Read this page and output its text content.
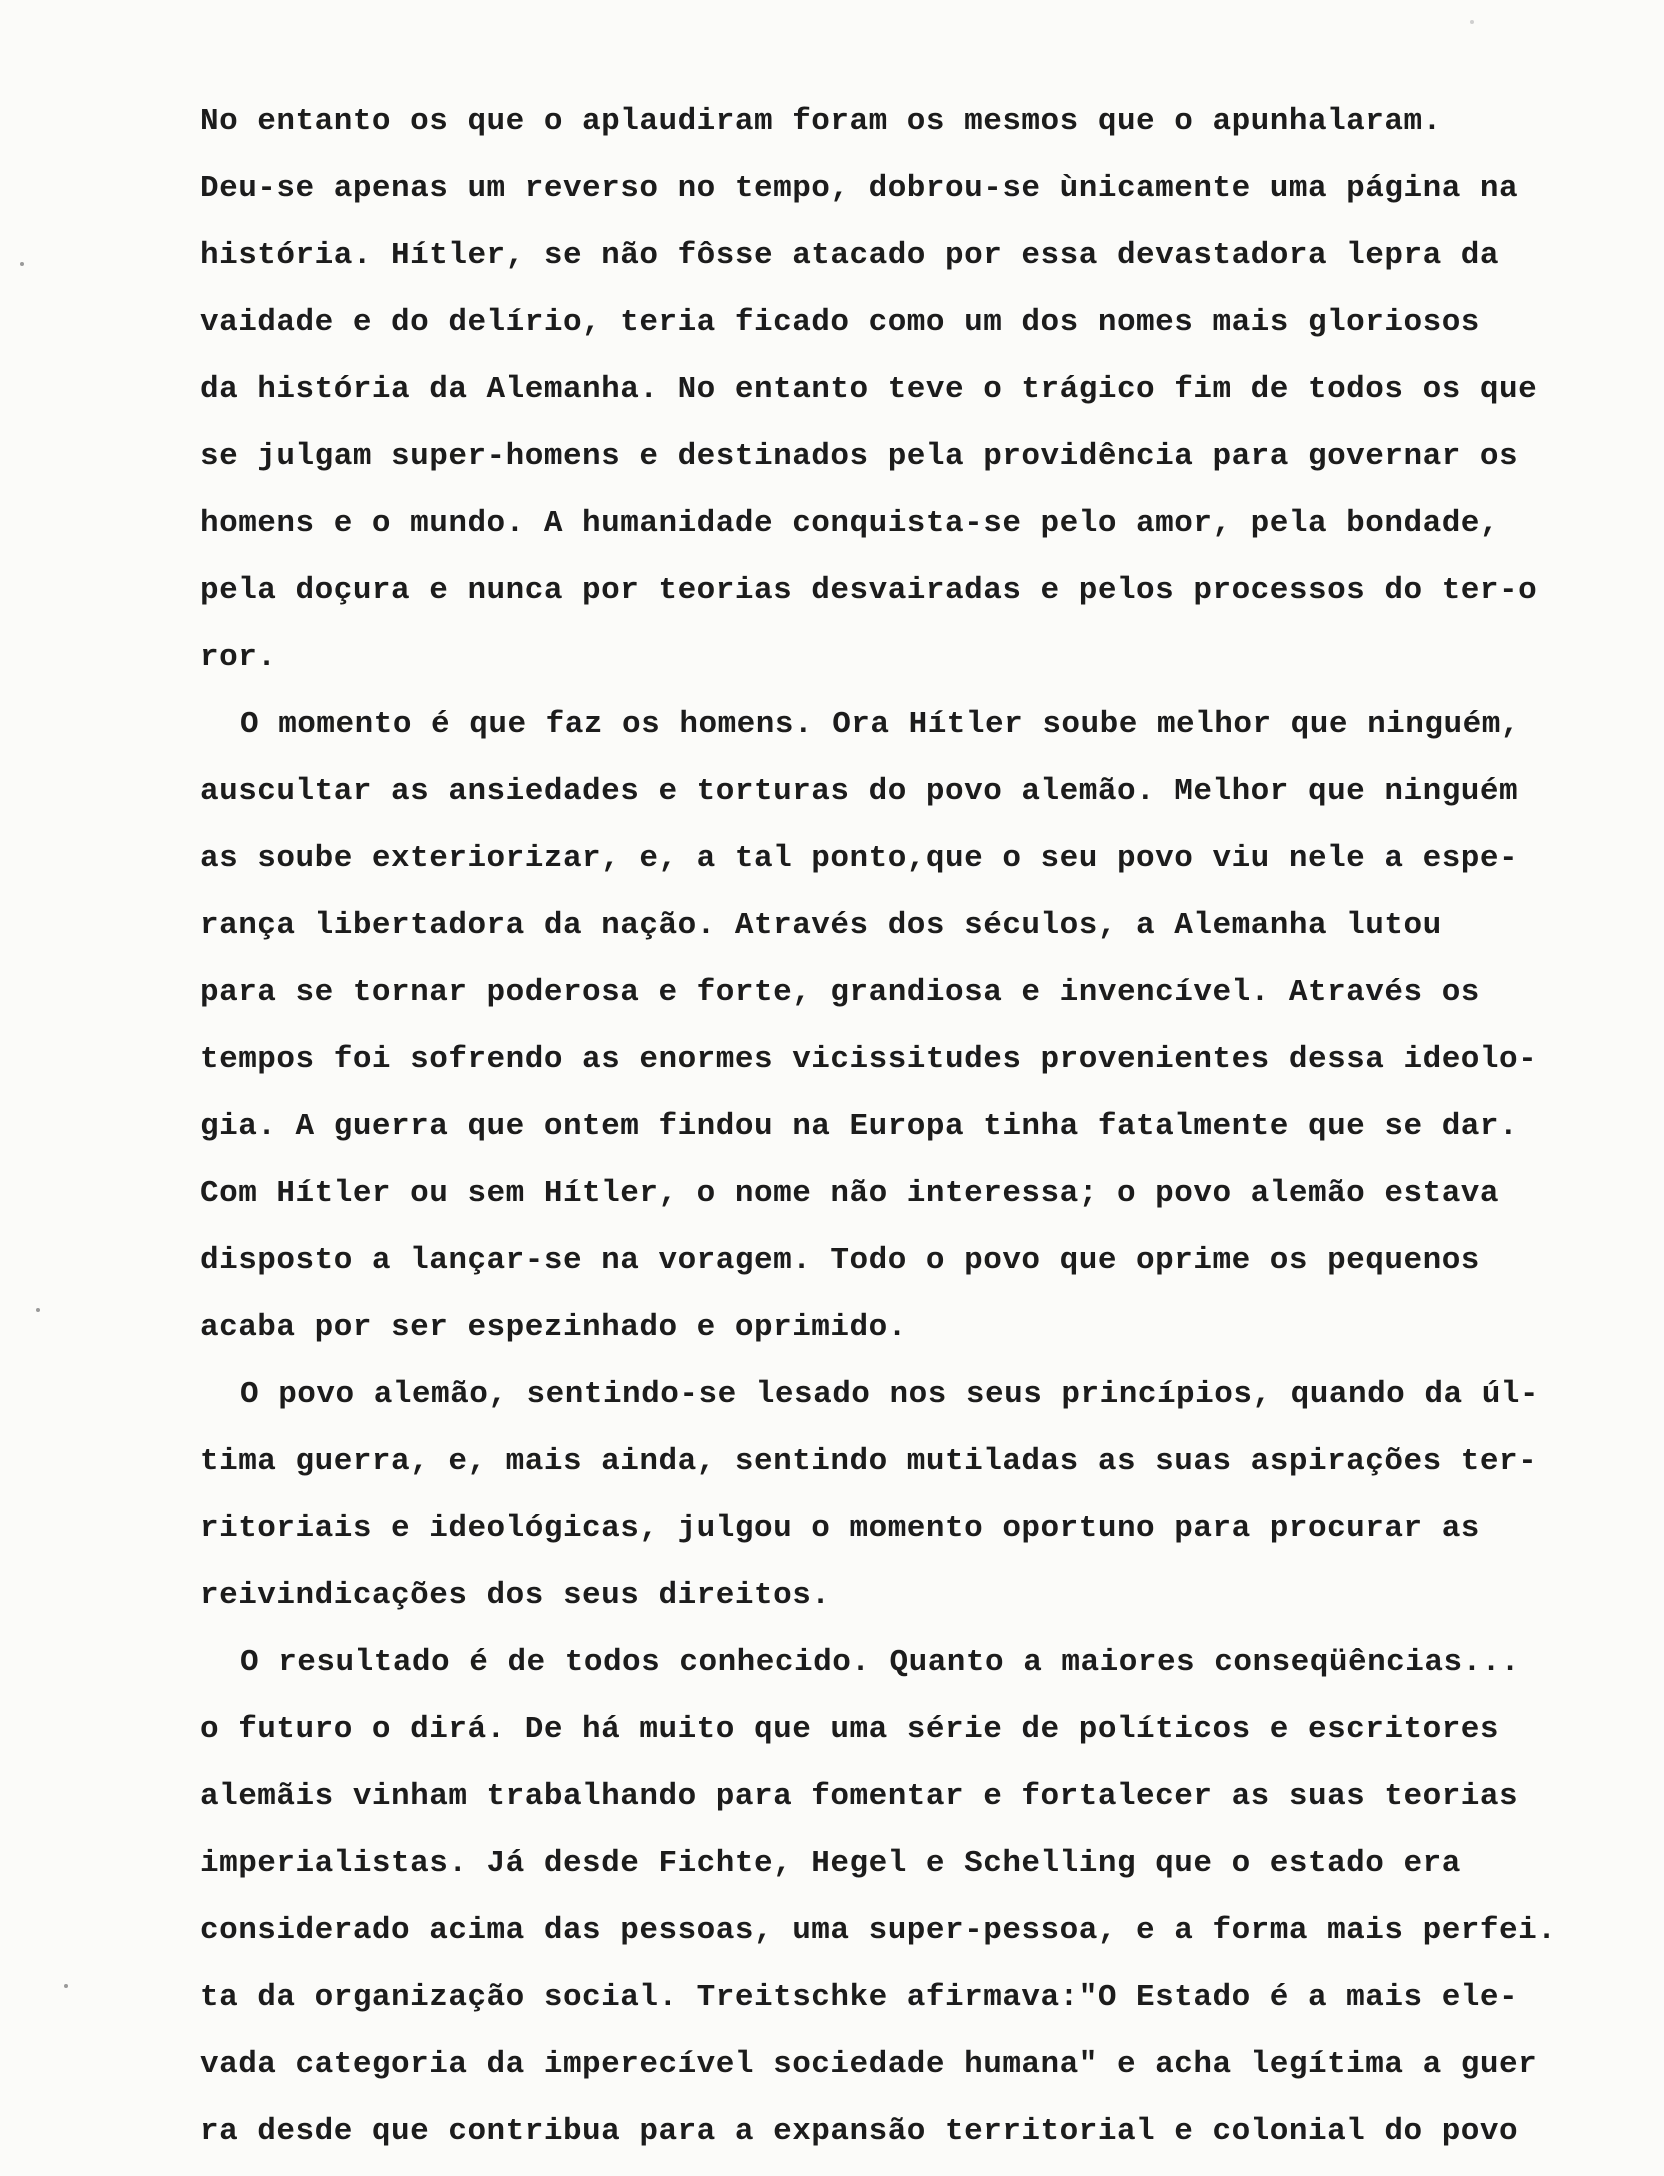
No entanto os que o aplaudiram foram os mesmos que o apunhalaram.
Deu-se apenas um reverso no tempo, dobrou-se ùnicamente uma página na
história. Hítler, se não fôsse atacado por essa devastadora lepra da
vaidade e do delírio, teria ficado como um dos nomes mais gloriosos
da história da Alemanha. No entanto teve o trágico fim de todos os que
se julgam super-homens e destinados pela providência para governar os
homens e o mundo. A humanidade conquista-se pelo amor, pela bondade,
pela doçura e nunca por teorias desvairadas e pelos processos do ter-o
ror.
O momento é que faz os homens. Ora Hítler soube melhor que ninguém,
auscultar as ansiedades e torturas do povo alemão. Melhor que ninguém
as soube exteriorizar, e, a tal ponto,que o seu povo viu nele a espe-
rança libertadora da nação. Através dos séculos, a Alemanha lutou
para se tornar poderosa e forte, grandiosa e invencível. Através os
tempos foi sofrendo as enormes vicissitudes provenientes dessa ideolo-
gia. A guerra que ontem findou na Europa tinha fatalmente que se dar.
Com Hítler ou sem Hítler, o nome não interessa; o povo alemão estava
disposto a lançar-se na voragem. Todo o povo que oprime os pequenos
acaba por ser espezinhado e oprimido.
O povo alemão, sentindo-se lesado nos seus princípios, quando da úl-
tima guerra, e, mais ainda, sentindo mutiladas as suas aspirações ter-
ritoriais e ideológicas, julgou o momento oportuno para procurar as
reivindicações dos seus direitos.
O resultado é de todos conhecido. Quanto a maiores conseqüências...
o futuro o dirá. De há muito que uma série de políticos e escritores
alemãis vinham trabalhando para fomentar e fortalecer as suas teorias
imperialistas. Já desde Fichte, Hegel e Schelling que o estado era
considerado acima das pessoas, uma super-pessoa, e a forma mais perfei.
ta da organização social. Treitschke afirmava:"O Estado é a mais ele-
vada categoria da imperecível sociedade humana" e acha legítima a guer
ra desde que contribua para a expansão territorial e colonial do povo
